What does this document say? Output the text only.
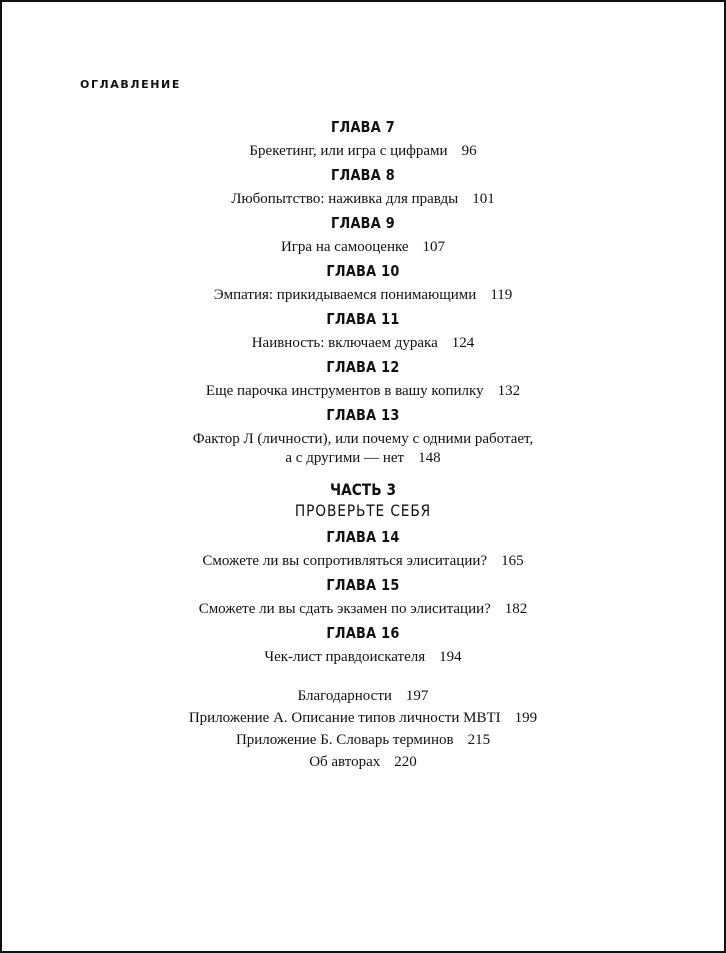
ОГЛАВЛЕНИЕ
ГЛАВА 7
Брекетинг, или игра с цифрами 96
ГЛАВА 8
Любопытство: наживка для правды 101
ГЛАВА 9
Игра на самооценке 107
ГЛАВА 10
Эмпатия: прикидываемся понимающими 119
ГЛАВА 11
Наивность: включаем дурака 124
ГЛАВА 12
Еще парочка инструментов в вашу копилку 132
ГЛАВА 13
Фактор Л (личности), или почему с одними работает,
а с другими — нет 148
ЧАСТЬ 3
ПРОВЕРЬТЕ СЕБЯ
ГЛАВА 14
Сможете ли вы сопротивляться элиситации? 165
ГЛАВА 15
Сможете ли вы сдать экзамен по элиситации? 182
ГЛАВА 16
Чек-лист правдоискателя 194
Благодарности 197
Приложение А. Описание типов личности MBTI 199
Приложение Б. Словарь терминов 215
Об авторах 220
